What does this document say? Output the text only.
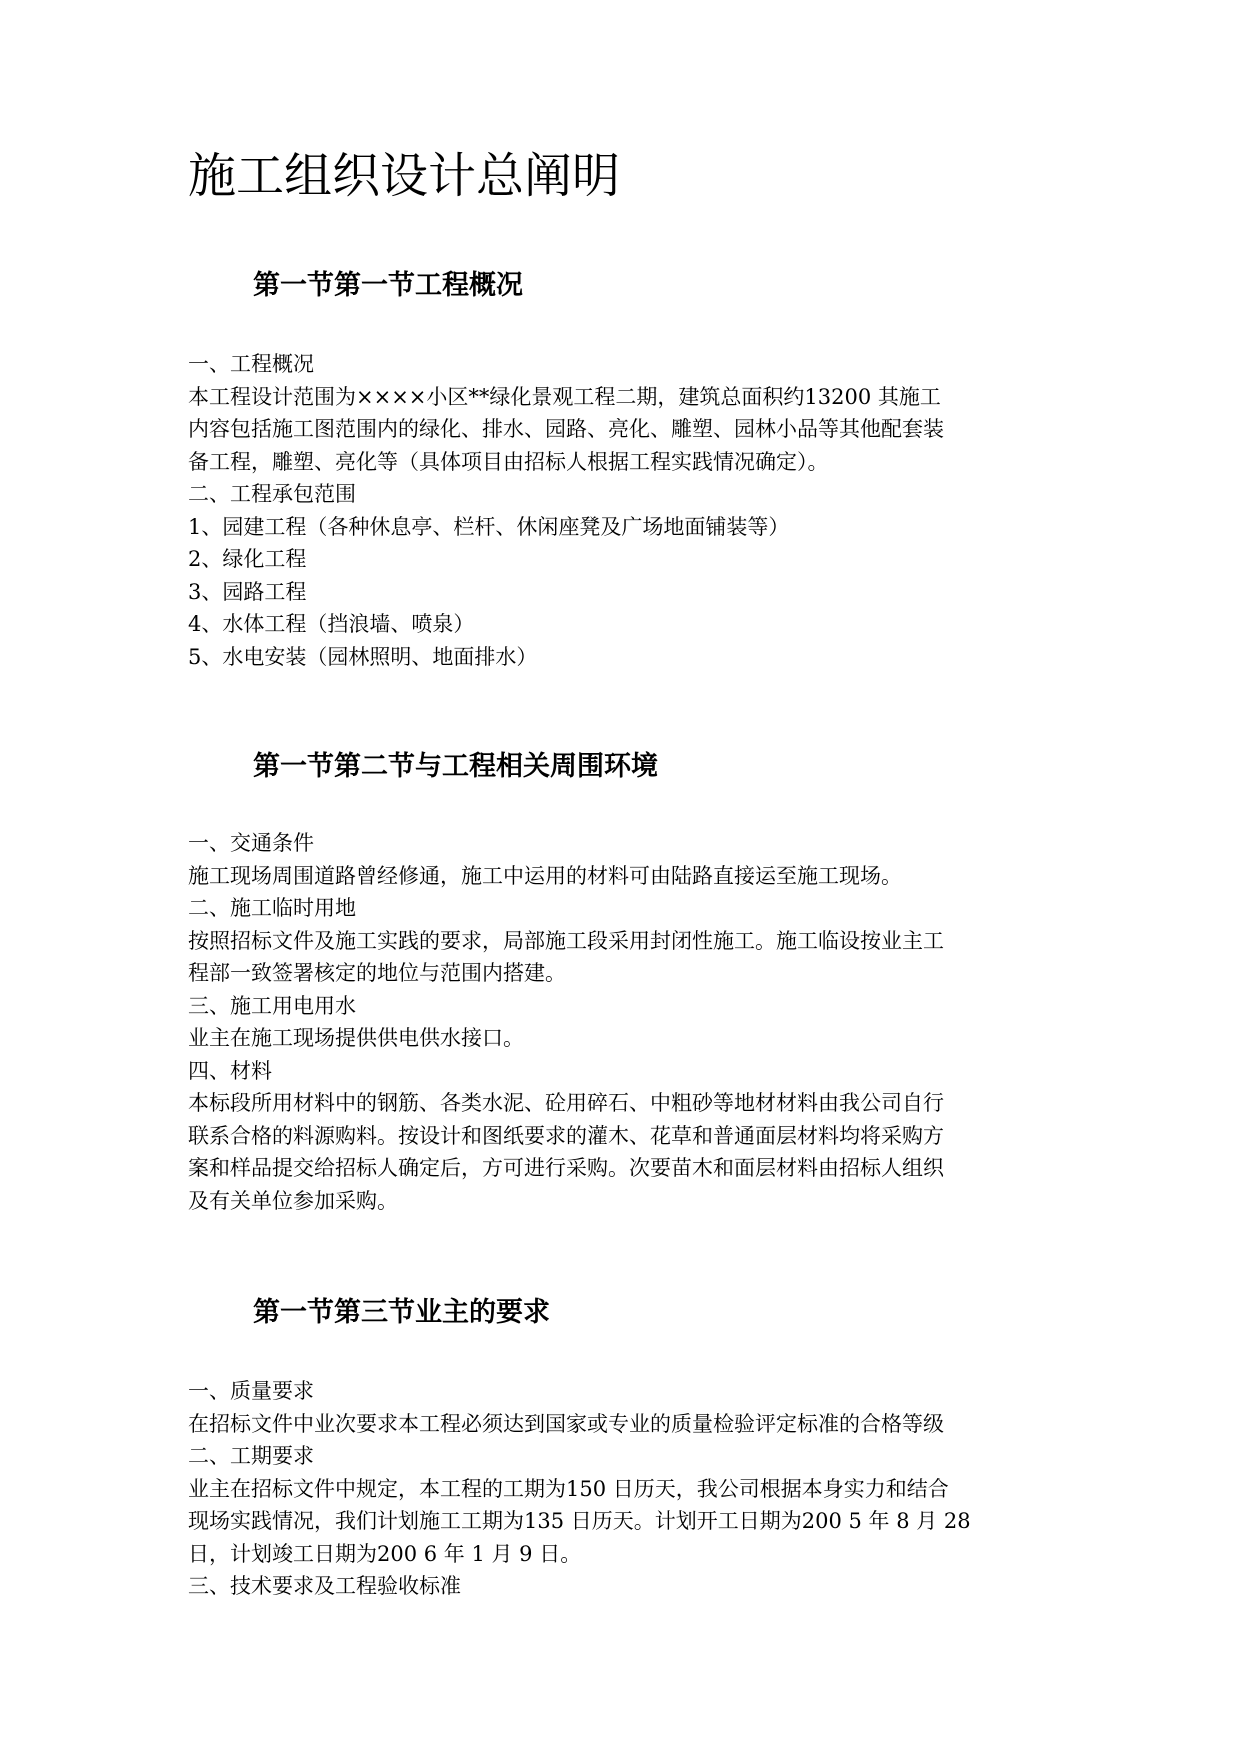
施工组织设计总阐明
第一节第一节工程概况
一、工程概况
本工程设计范围为××××小区**绿化景观工程二期，建筑总面积约13200 其施工
内容包括施工图范围内的绿化、排水、园路、亮化、雕塑、园林小品等其他配套装
备工程，雕塑、亮化等（具体项目由招标人根据工程实践情况确定）。
二、工程承包范围
1、园建工程（各种休息亭、栏杆、休闲座凳及广场地面铺装等）
2、绿化工程
3、园路工程
4、水体工程（挡浪墙、喷泉）
5、水电安装（园林照明、地面排水）
第一节第二节与工程相关周围环境
一、交通条件
施工现场周围道路曾经修通，施工中运用的材料可由陆路直接运至施工现场。
二、施工临时用地
按照招标文件及施工实践的要求，局部施工段采用封闭性施工。施工临设按业主工
程部一致签署核定的地位与范围内搭建。
三、施工用电用水
业主在施工现场提供供电供水接口。
四、材料
本标段所用材料中的钢筋、各类水泥、砼用碎石、中粗砂等地材材料由我公司自行
联系合格的料源购料。按设计和图纸要求的灌木、花草和普通面层材料均将采购方
案和样品提交给招标人确定后，方可进行采购。次要苗木和面层材料由招标人组织
及有关单位参加采购。
第一节第三节业主的要求
一、质量要求
在招标文件中业次要求本工程必须达到国家或专业的质量检验评定标准的合格等级
二、工期要求
业主在招标文件中规定，本工程的工期为150 日历天，我公司根据本身实力和结合
现场实践情况，我们计划施工工期为135 日历天。计划开工日期为200 5 年 8 月 28
日，计划竣工日期为200 6 年 1 月 9 日。
三、技术要求及工程验收标准
